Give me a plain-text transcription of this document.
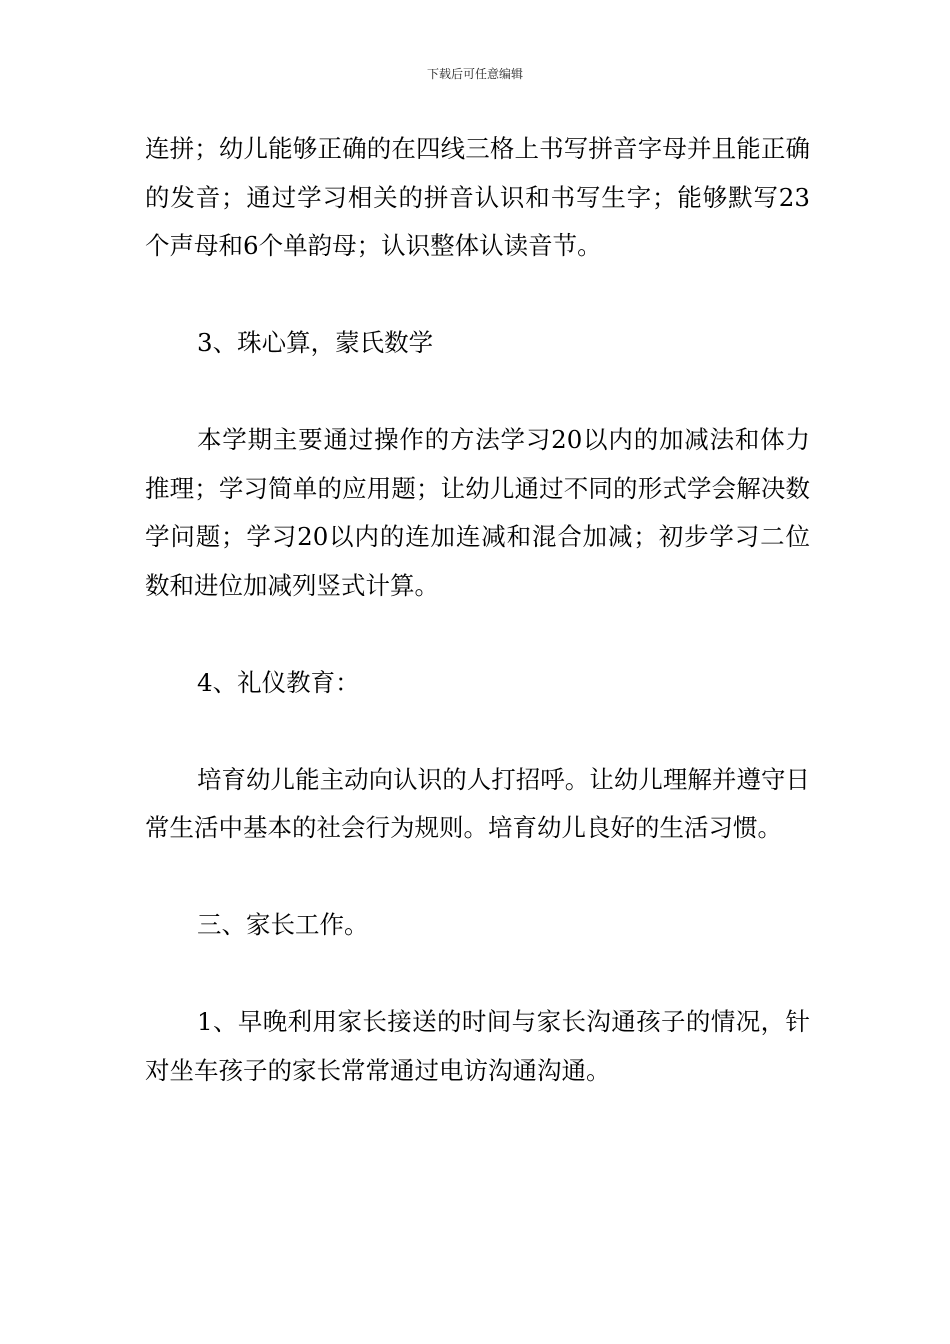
下载后可任意编辑

连拼；幼儿能够正确的在四线三格上书写拼音字母并且能正确的发音；通过学习相关的拼音认识和书写生字；能够默写23个声母和6个单韵母；认识整体认读音节。

3、珠心算，蒙氏数学

本学期主要通过操作的方法学习20以内的加减法和体力推理；学习简单的应用题；让幼儿通过不同的形式学会解决数学问题；学习20以内的连加连减和混合加减；初步学习二位数和进位加减列竖式计算。

4、礼仪教育：

培育幼儿能主动向认识的人打招呼。让幼儿理解并遵守日常生活中基本的社会行为规则。培育幼儿良好的生活习惯。

三、家长工作。

1、早晚利用家长接送的时间与家长沟通孩子的情况，针对坐车孩子的家长常常通过电访沟通沟通。
